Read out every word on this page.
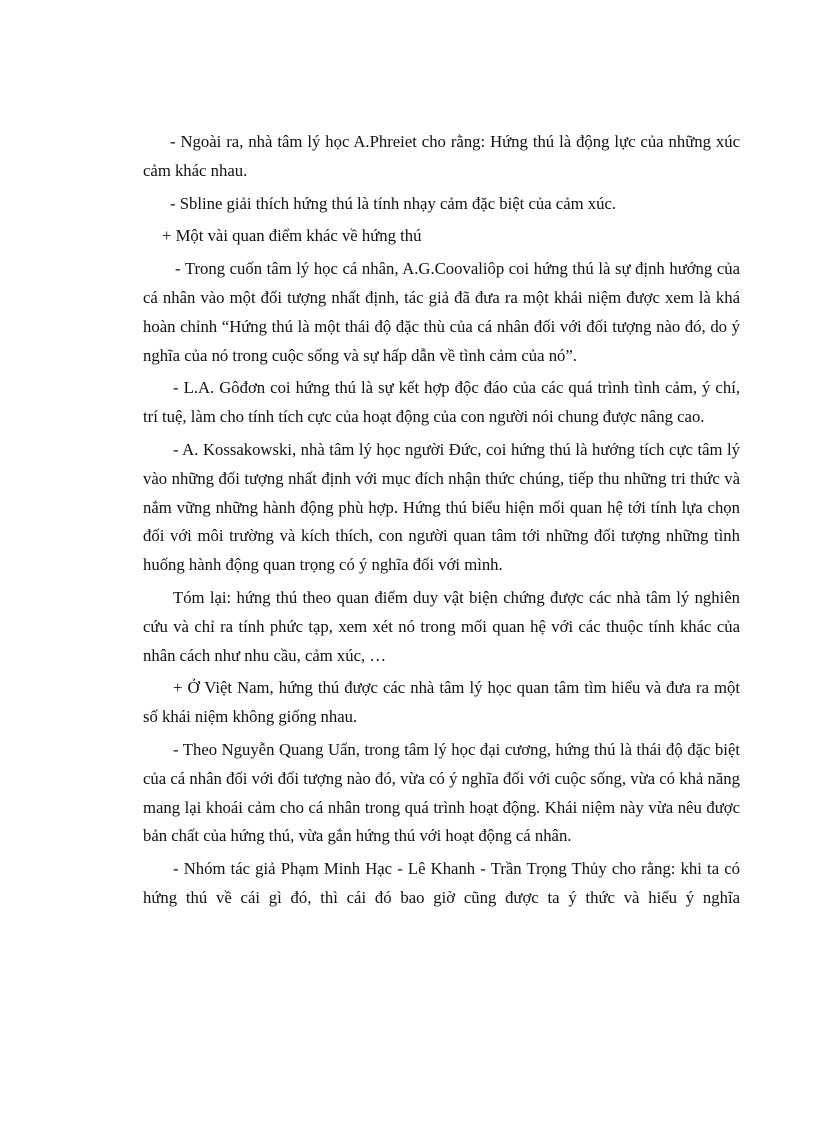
- Ngoài ra, nhà tâm lý học A.Phreiet cho rằng: Hứng thú là động lực của những xúc cảm khác nhau.

- Sbline giải thích hứng thú là tính nhạy cảm đặc biệt của cảm xúc.

+ Một vài quan điểm khác về hứng thú

- Trong cuốn tâm lý học cá nhân, A.G.Coovaliôp coi hứng thú là sự định hướng của cá nhân vào một đối tượng nhất định, tác giả đã đưa ra một khái niệm được xem là khá hoàn chỉnh “Hứng thú là một thái độ đặc thù của cá nhân đối với đối tượng nào đó, do ý nghĩa của nó trong cuộc sống và sự hấp dẫn về tình cảm của nó”.

- L.A. Gôđơn coi hứng thú là sự kết hợp độc đáo của các quá trình tình cảm, ý chí, trí tuệ, làm cho tính tích cực của hoạt động của con người nói chung được nâng cao.

- A. Kossakowski, nhà tâm lý học người Đức, coi hứng thú là hướng tích cực tâm lý vào những đối tượng nhất định với mục đích nhận thức chúng, tiếp thu những tri thức và nắm vững những hành động phù hợp. Hứng thú biểu hiện mối quan hệ tới tính lựa chọn đối với môi trường và kích thích, con người quan tâm tới những đối tượng những tình huống hành động quan trọng có ý nghĩa đối với mình.

Tóm lại: hứng thú theo quan điểm duy vật biện chứng được các nhà tâm lý nghiên cứu và chỉ ra tính phức tạp, xem xét nó trong mối quan hệ với các thuộc tính khác của nhân cách như nhu cầu, cảm xúc, …

+ Ở Việt Nam, hứng thú được các nhà tâm lý học quan tâm tìm hiểu và đưa ra một số khái niệm không giống nhau.

- Theo Nguyễn Quang Uẩn, trong tâm lý học đại cương, hứng thú là thái độ đặc biệt của cá nhân đối với đối tượng nào đó, vừa có ý nghĩa đối với cuộc sống, vừa có khả năng mang lại khoái cảm cho cá nhân trong quá trình hoạt động. Khái niệm này vừa nêu được bản chất của hứng thú, vừa gắn hứng thú với hoạt động cá nhân.

- Nhóm tác giả Phạm Minh Hạc - Lê Khanh - Trần Trọng Thủy cho rằng: khi ta có hứng thú về cái gì đó, thì cái đó bao giờ cũng được ta ý thức và hiểu ý nghĩa
